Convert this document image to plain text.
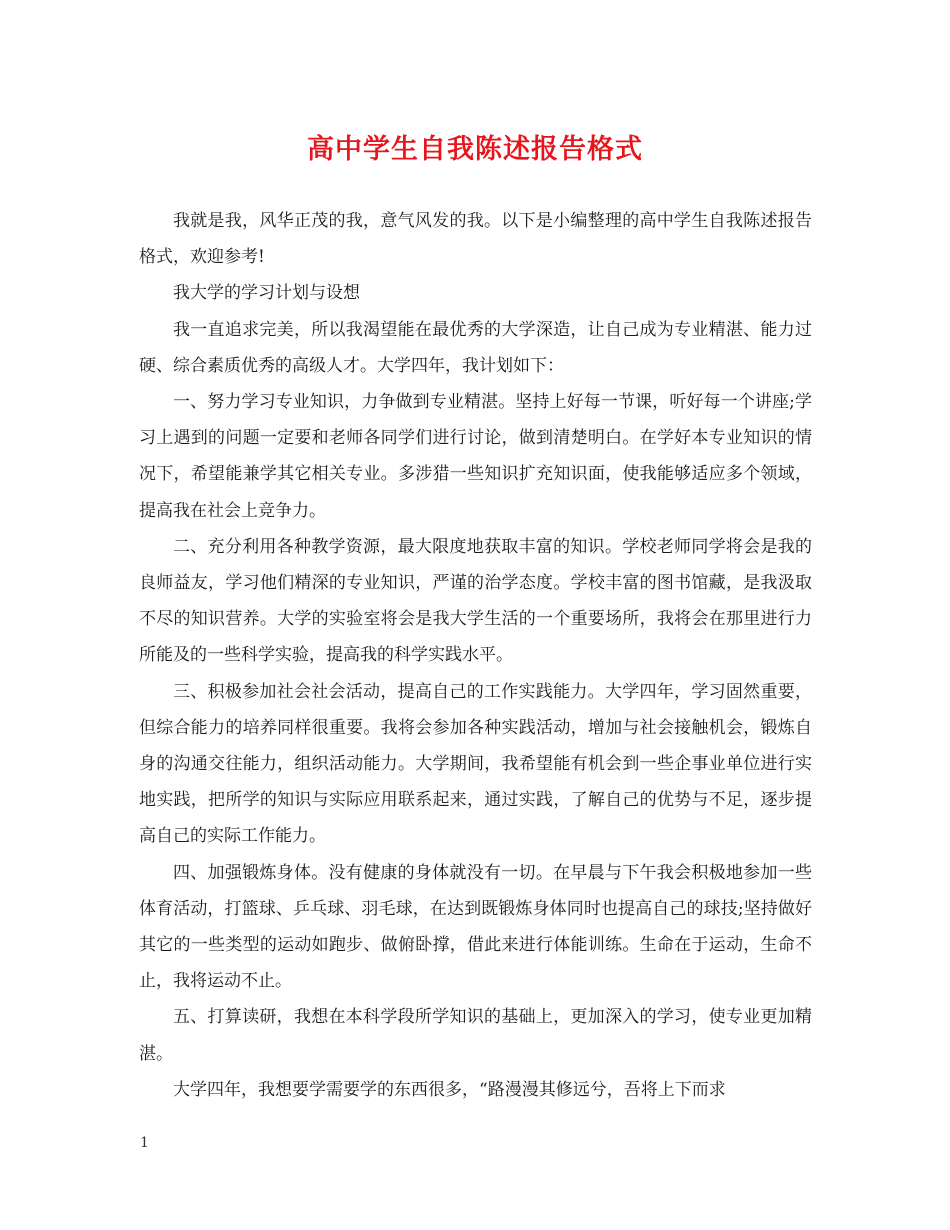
高中学生自我陈述报告格式

我就是我，风华正茂的我，意气风发的我。以下是小编整理的高中学生自我陈述报告格式，欢迎参考!

我大学的学习计划与设想

我一直追求完美，所以我渴望能在最优秀的大学深造，让自己成为专业精湛、能力过硬、综合素质优秀的高级人才。大学四年，我计划如下：

一、努力学习专业知识，力争做到专业精湛。坚持上好每一节课，听好每一个讲座;学习上遇到的问题一定要和老师各同学们进行讨论，做到清楚明白。在学好本专业知识的情况下，希望能兼学其它相关专业。多涉猎一些知识扩充知识面，使我能够适应多个领域，提高我在社会上竞争力。

二、充分利用各种教学资源，最大限度地获取丰富的知识。学校老师同学将会是我的良师益友，学习他们精深的专业知识，严谨的治学态度。学校丰富的图书馆藏，是我汲取不尽的知识营养。大学的实验室将会是我大学生活的一个重要场所，我将会在那里进行力所能及的一些科学实验，提高我的科学实践水平。

三、积极参加社会社会活动，提高自己的工作实践能力。大学四年，学习固然重要，但综合能力的培养同样很重要。我将会参加各种实践活动，增加与社会接触机会，锻炼自身的沟通交往能力，组织活动能力。大学期间，我希望能有机会到一些企事业单位进行实地实践，把所学的知识与实际应用联系起来，通过实践，了解自己的优势与不足，逐步提高自己的实际工作能力。

四、加强锻炼身体。没有健康的身体就没有一切。在早晨与下午我会积极地参加一些体育活动，打篮球、乒乓球、羽毛球，在达到既锻炼身体同时也提高自己的球技;坚持做好其它的一些类型的运动如跑步、做俯卧撑，借此来进行体能训练。生命在于运动，生命不止，我将运动不止。

五、打算读研，我想在本科学段所学知识的基础上，更加深入的学习，使专业更加精湛。

大学四年，我想要学需要学的东西很多，“路漫漫其修远兮，吾将上下而求

1
